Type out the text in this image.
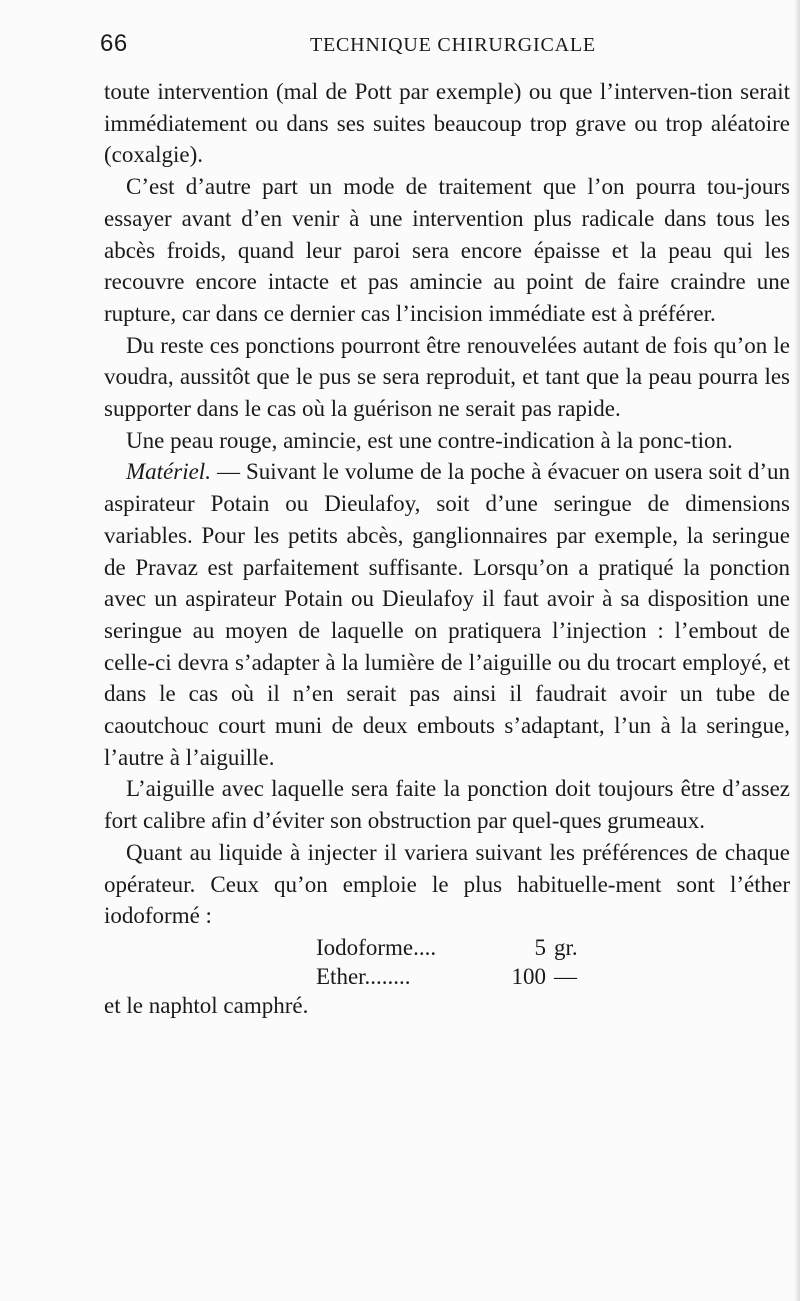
66	TECHNIQUE CHIRURGICALE

toute intervention (mal de Pott par exemple) ou que l’interven-tion serait immédiatement ou dans ses suites beaucoup trop grave ou trop aléatoire (coxalgie).

C’est d’autre part un mode de traitement que l’on pourra tou-jours essayer avant d’en venir à une intervention plus radicale dans tous les abcès froids, quand leur paroi sera encore épaisse et la peau qui les recouvre encore intacte et pas amincie au point de faire craindre une rupture, car dans ce dernier cas l’incision immédiate est à préférer.

Du reste ces ponctions pourront être renouvelées autant de fois qu’on le voudra, aussitôt que le pus se sera reproduit, et tant que la peau pourra les supporter dans le cas où la guérison ne serait pas rapide.

Une peau rouge, amincie, est une contre-indication à la ponc-tion.

Matériel. — Suivant le volume de la poche à évacuer on usera soit d’un aspirateur Potain ou Dieulafoy, soit d’une seringue de dimensions variables. Pour les petits abcès, ganglionnaires par exemple, la seringue de Pravaz est parfaitement suffisante. Lorsqu’on a pratiqué la ponction avec un aspirateur Potain ou Dieulafoy il faut avoir à sa disposition une seringue au moyen de laquelle on pratiquera l’injection : l’embout de celle-ci devra s’adapter à la lumière de l’aiguille ou du trocart employé, et dans le cas où il n’en serait pas ainsi il faudrait avoir un tube de caoutchouc court muni de deux embouts s’adaptant, l’un à la seringue, l’autre à l’aiguille.

L’aiguille avec laquelle sera faite la ponction doit toujours être d’assez fort calibre afin d’éviter son obstruction par quel-ques grumeaux.

Quant au liquide à injecter il variera suivant les préférences de chaque opérateur. Ceux qu’on emploie le plus habituelle-ment sont l’éther iodoformé :

Iodoforme....	5 gr.
Ether........	100 —

et le naphtol camphré.
